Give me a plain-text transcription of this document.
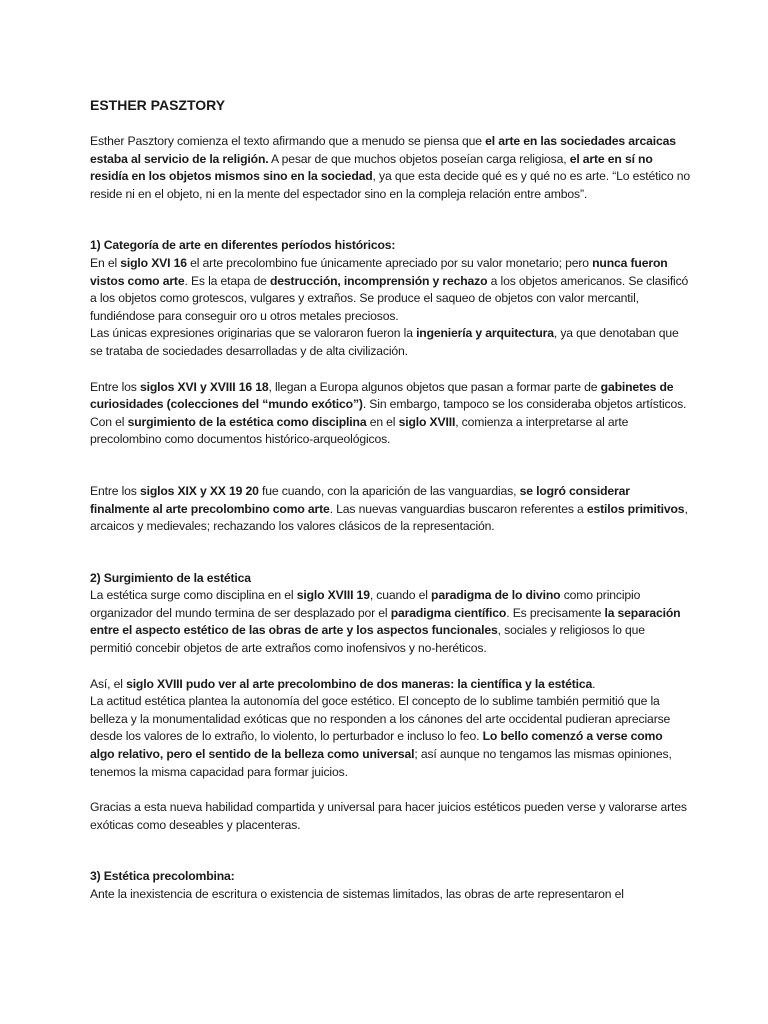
ESTHER PASZTORY

Esther Pasztory comienza el texto afirmando que a menudo se piensa que el arte en las sociedades arcaicas estaba al servicio de la religión. A pesar de que muchos objetos poseían carga religiosa, el arte en sí no residía en los objetos mismos sino en la sociedad, ya que esta decide qué es y qué no es arte. “Lo estético no reside ni en el objeto, ni en la mente del espectador sino en la compleja relación entre ambos”.

1) Categoría de arte en diferentes períodos históricos:

En el siglo XVI 16 el arte precolombino fue únicamente apreciado por su valor monetario; pero nunca fueron vistos como arte. Es la etapa de destrucción, incomprensión y rechazo a los objetos americanos. Se clasificó a los objetos como grotescos, vulgares y extraños. Se produce el saqueo de objetos con valor mercantil, fundiéndose para conseguir oro u otros metales preciosos.

Las únicas expresiones originarias que se valoraron fueron la ingeniería y arquitectura, ya que denotaban que se trataba de sociedades desarrolladas y de alta civilización.

Entre los siglos XVI y XVIII 16 18, llegan a Europa algunos objetos que pasan a formar parte de gabinetes de curiosidades (colecciones del “mundo exótico”). Sin embargo, tampoco se los consideraba objetos artísticos. Con el surgimiento de la estética como disciplina en el siglo XVIII, comienza a interpretarse al arte precolombino como documentos histórico-arqueológicos.

Entre los siglos XIX y XX 19 20 fue cuando, con la aparición de las vanguardias, se logró considerar finalmente al arte precolombino como arte. Las nuevas vanguardias buscaron referentes a estilos primitivos, arcaicos y medievales; rechazando los valores clásicos de la representación.

2) Surgimiento de la estética

La estética surge como disciplina en el siglo XVIII 19, cuando el paradigma de lo divino como principio organizador del mundo termina de ser desplazado por el paradigma científico. Es precisamente la separación entre el aspecto estético de las obras de arte y los aspectos funcionales, sociales y religiosos lo que permitió concebir objetos de arte extraños como inofensivos y no-heréticos.

Así, el siglo XVIII pudo ver al arte precolombino de dos maneras: la científica y la estética.

La actitud estética plantea la autonomía del goce estético. El concepto de lo sublime también permitió que la belleza y la monumentalidad exóticas que no responden a los cánones del arte occidental pudieran apreciarse desde los valores de lo extraño, lo violento, lo perturbador e incluso lo feo. Lo bello comenzó a verse como algo relativo, pero el sentido de la belleza como universal; así aunque no tengamos las mismas opiniones, tenemos la misma capacidad para formar juicios.

Gracias a esta nueva habilidad compartida y universal para hacer juicios estéticos pueden verse y valorarse artes exóticas como deseables y placenteras.

3) Estética precolombina:

Ante la inexistencia de escritura o existencia de sistemas limitados, las obras de arte representaron el
